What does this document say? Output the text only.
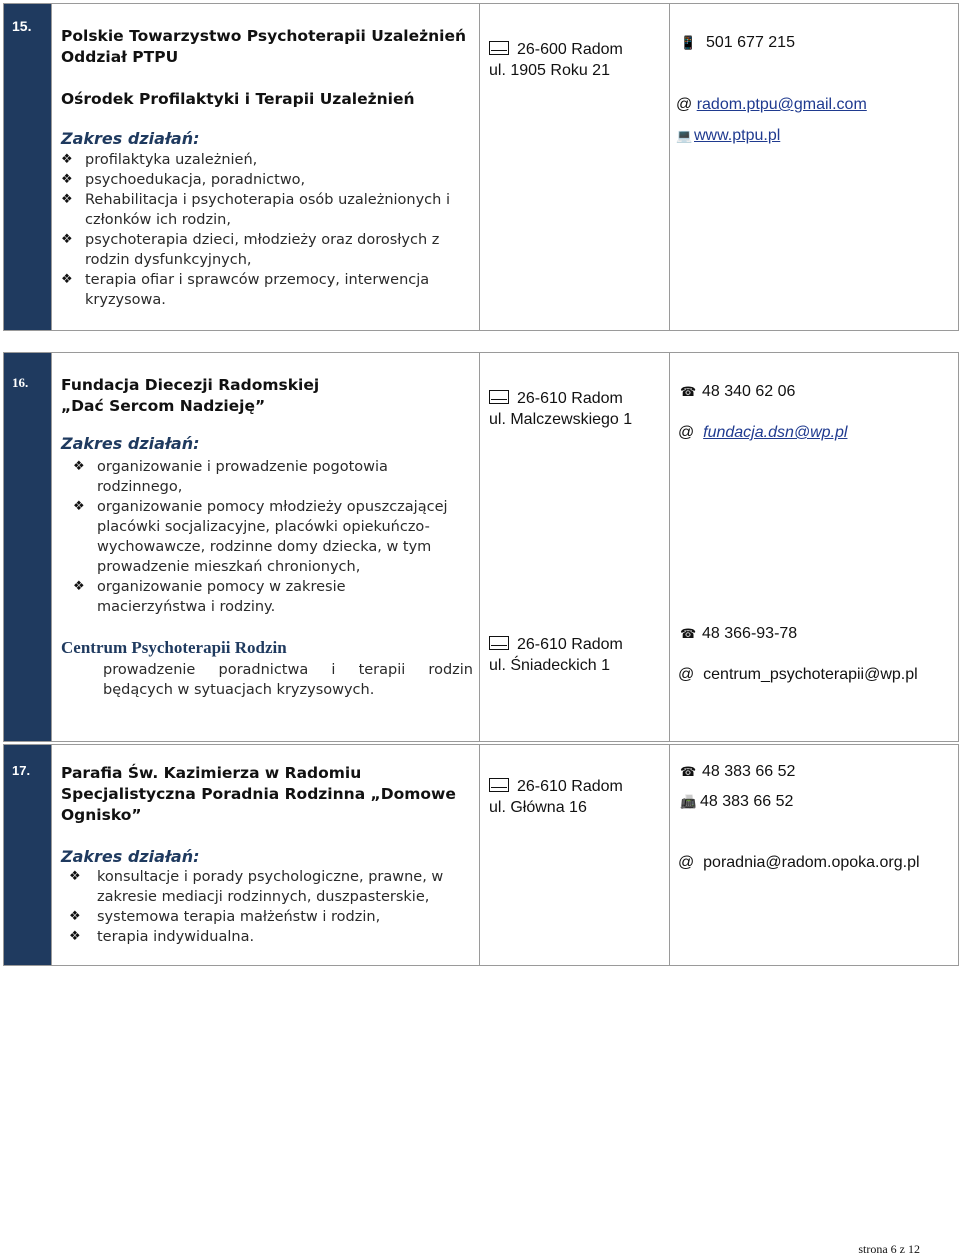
15.
Polskie Towarzystwo Psychoterapii Uzależnień
Oddział PTPU
Ośrodek Profilaktyki i Terapii Uzależnień
Zakres działań:
❖ profilaktyka uzależnień,
❖ psychoedukacja, poradnictwo,
❖ Rehabilitacja i psychoterapia osób uzależnionych i członków ich rodzin,
❖ psychoterapia dzieci, młodzieży oraz dorosłych z rodzin dysfunkcyjnych,
❖ terapia ofiar i sprawców przemocy, interwencja kryzysowa.
26-600 Radom
ul. 1905 Roku 21
📱 501 677 215
@ radom.ptpu@gmail.com
💻 www.ptpu.pl
16. Fundacja Diecezji Radomskiej
„Dać Sercom Nadzieję”
Zakres działań:
❖ organizowanie i prowadzenie pogotowia rodzinnego,
❖ organizowanie pomocy młodzieży opuszczającej placówki socjalizacyjne, placówki opiekuńczo-wychowawcze, rodzinne domy dziecka, w tym prowadzenie mieszkań chronionych,
❖ organizowanie pomocy w zakresie macierzyństwa i rodziny.
Centrum Psychoterapii Rodzin
prowadzenie poradnictwa i terapii rodzin będących w sytuacjach kryzysowych.
26-610 Radom
ul. Malczewskiego 1
26-610 Radom
ul. Śniadeckich 1
☎ 48 340 62 06
@  fundacja.dsn@wp.pl
☎ 48 366-93-78
@  centrum_psychoterapii@wp.pl
17. Parafia Św. Kazimierza w Radomiu
Specjalistyczna Poradnia Rodzinna „Domowe
Ognisko”
Zakres działań:
❖ konsultacje i porady psychologiczne, prawne, w zakresie mediacji rodzinnych, duszpasterskie,
❖ systemowa terapia małżeństw i rodzin,
❖ terapia indywidualna.
26-610 Radom
ul. Główna 16
☎ 48 383 66 52
📠 48 383 66 52
@  poradnia@radom.opoka.org.pl
strona 6 z 12
